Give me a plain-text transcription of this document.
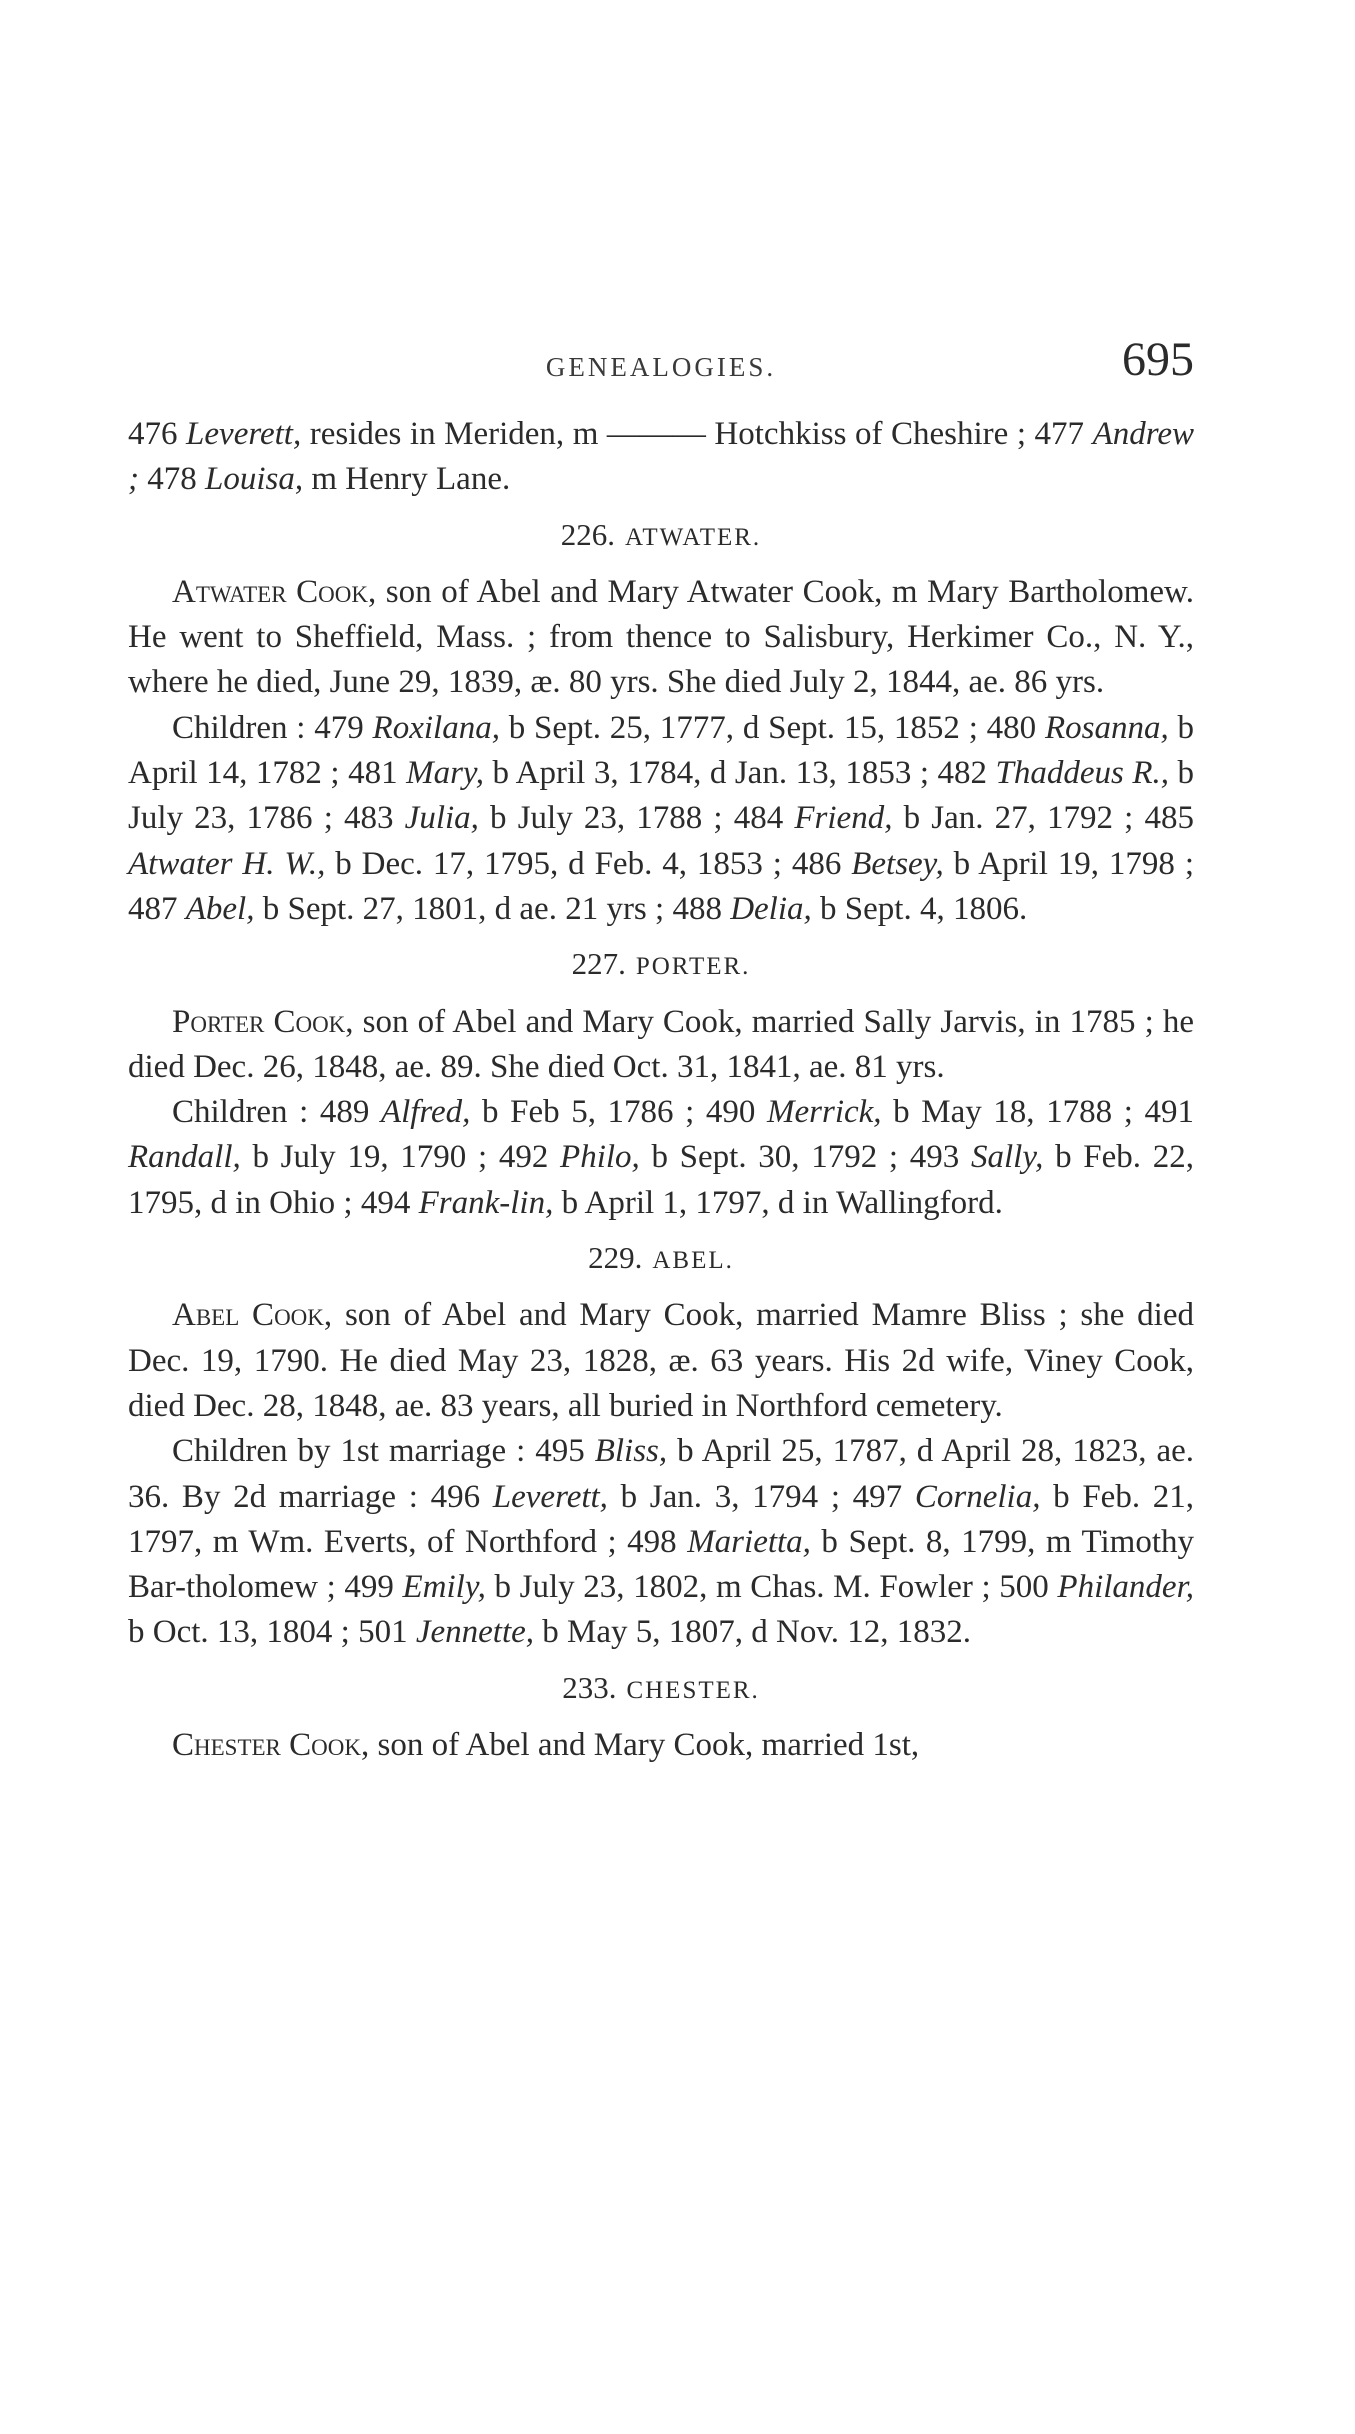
GENEALOGIES.	695

476 Leverett, resides in Meriden, m ——— Hotchkiss of Cheshire ; 477 Andrew ; 478 Louisa, m Henry Lane.

226. ATWATER.

Atwater Cook, son of Abel and Mary Atwater Cook, m Mary Bartholomew. He went to Sheffield, Mass. ; from thence to Salisbury, Herkimer Co., N. Y., where he died, June 29, 1839, æ. 80 yrs. She died July 2, 1844, ae. 86 yrs.

Children : 479 Roxilana, b Sept. 25, 1777, d Sept. 15, 1852 ; 480 Rosanna, b April 14, 1782 ; 481 Mary, b April 3, 1784, d Jan. 13, 1853 ; 482 Thaddeus R., b July 23, 1786 ; 483 Julia, b July 23, 1788 ; 484 Friend, b Jan. 27, 1792 ; 485 Atwater H. W., b Dec. 17, 1795, d Feb. 4, 1853 ; 486 Betsey, b April 19, 1798 ; 487 Abel, b Sept. 27, 1801, d ae. 21 yrs ; 488 Delia, b Sept. 4, 1806.

227. PORTER.

Porter Cook, son of Abel and Mary Cook, married Sally Jarvis, in 1785 ; he died Dec. 26, 1848, ae. 89. She died Oct. 31, 1841, ae. 81 yrs.

Children : 489 Alfred, b Feb 5, 1786 ; 490 Merrick, b May 18, 1788 ; 491 Randall, b July 19, 1790 ; 492 Philo, b Sept. 30, 1792 ; 493 Sally, b Feb. 22, 1795, d in Ohio ; 494 Frank-lin, b April 1, 1797, d in Wallingford.

229. ABEL.

Abel Cook, son of Abel and Mary Cook, married Mamre Bliss ; she died Dec. 19, 1790. He died May 23, 1828, æ. 63 years. His 2d wife, Viney Cook, died Dec. 28, 1848, ae. 83 years, all buried in Northford cemetery.

Children by 1st marriage : 495 Bliss, b April 25, 1787, d April 28, 1823, ae. 36. By 2d marriage : 496 Leverett, b Jan. 3, 1794 ; 497 Cornelia, b Feb. 21, 1797, m Wm. Everts, of Northford ; 498 Marietta, b Sept. 8, 1799, m Timothy Bar-tholomew ; 499 Emily, b July 23, 1802, m Chas. M. Fowler ; 500 Philander, b Oct. 13, 1804 ; 501 Jennette, b May 5, 1807, d Nov. 12, 1832.

233. CHESTER.

Chester Cook, son of Abel and Mary Cook, married 1st,
